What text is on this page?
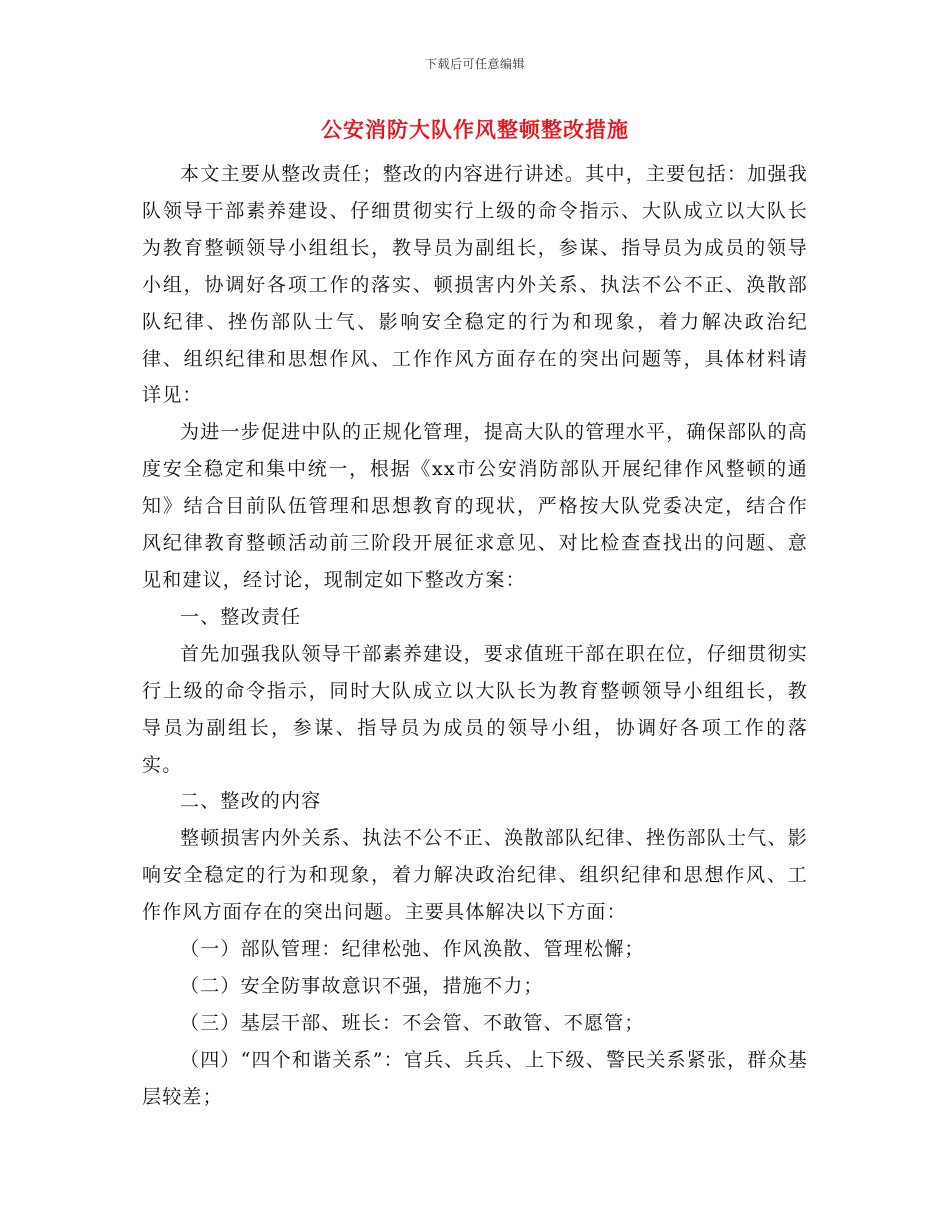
下载后可任意编辑
公安消防大队作风整顿整改措施

本文主要从整改责任；整改的内容进行讲述。其中，主要包括：加强我队领导干部素养建设、仔细贯彻实行上级的命令指示、大队成立以大队长为教育整顿领导小组组长，教导员为副组长，参谋、指导员为成员的领导小组，协调好各项工作的落实、顿损害内外关系、执法不公不正、涣散部队纪律、挫伤部队士气、影响安全稳定的行为和现象，着力解决政治纪律、组织纪律和思想作风、工作作风方面存在的突出问题等，具体材料请详见：

为进一步促进中队的正规化管理，提高大队的管理水平，确保部队的高度安全稳定和集中统一，根据《xx市公安消防部队开展纪律作风整顿的通知》结合目前队伍管理和思想教育的现状，严格按大队党委决定，结合作风纪律教育整顿活动前三阶段开展征求意见、对比检查查找出的问题、意见和建议，经讨论，现制定如下整改方案：

一、整改责任

首先加强我队领导干部素养建设，要求值班干部在职在位，仔细贯彻实行上级的命令指示，同时大队成立以大队长为教育整顿领导小组组长，教导员为副组长，参谋、指导员为成员的领导小组，协调好各项工作的落实。

二、整改的内容

整顿损害内外关系、执法不公不正、涣散部队纪律、挫伤部队士气、影响安全稳定的行为和现象，着力解决政治纪律、组织纪律和思想作风、工作作风方面存在的突出问题。主要具体解决以下方面：

（一）部队管理：纪律松弛、作风涣散、管理松懈；

（二）安全防事故意识不强，措施不力；

（三）基层干部、班长：不会管、不敢管、不愿管；

（四）“四个和谐关系”：官兵、兵兵、上下级、警民关系紧张，群众基层较差；
